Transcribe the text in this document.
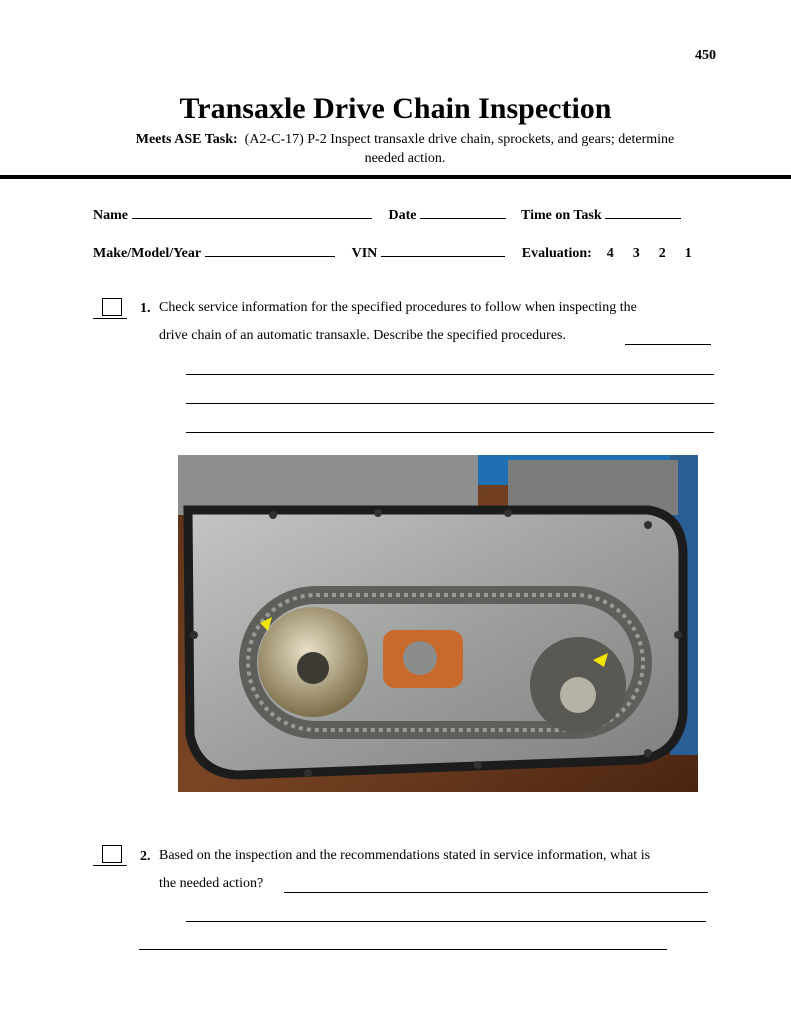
450
Transaxle Drive Chain Inspection
Meets ASE Task: (A2-C-17) P-2 Inspect transaxle drive chain, sprockets, and gears; determine
needed action.
Name	Date	Time on Task
Make/Model/Year	VIN	Evaluation: 4 3 2 1
1. Check service information for the specified procedures to follow when inspecting the
drive chain of an automatic transaxle. Describe the specified procedures.
2. Based on the inspection and the recommendations stated in service information, what is
the needed action?
